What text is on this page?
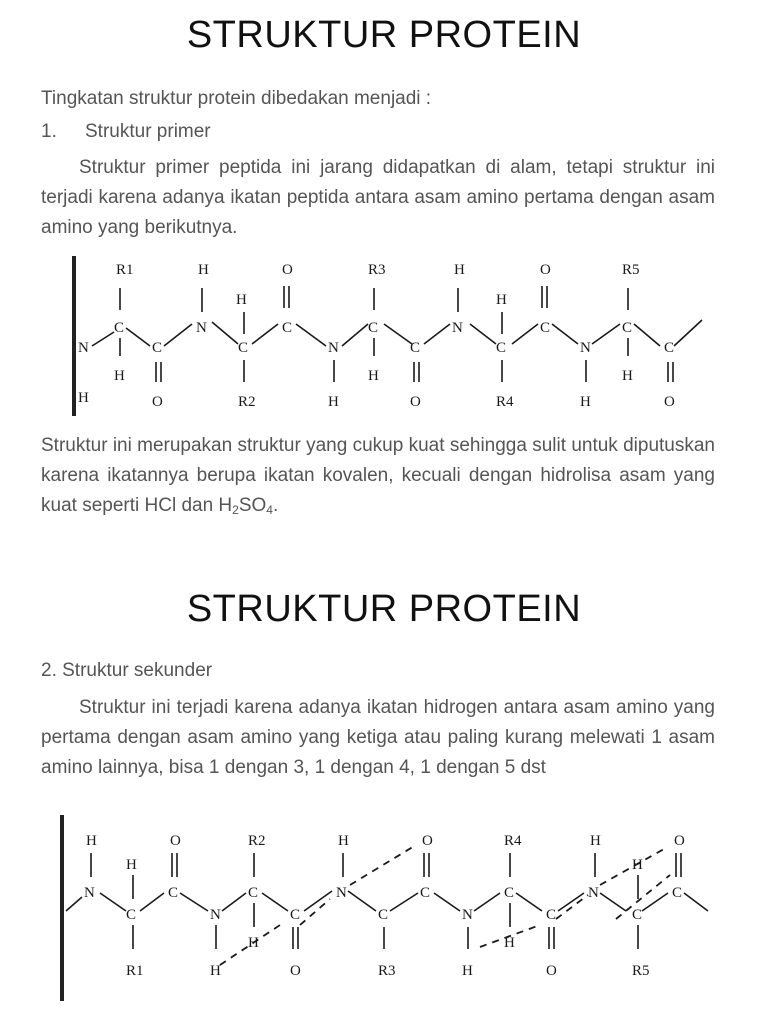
STRUKTUR PROTEIN
Tingkatan struktur protein dibedakan menjadi :
1. Struktur primer
Struktur primer peptida ini jarang didapatkan di alam, tetapi struktur ini terjadi karena adanya ikatan peptida antara asam amino pertama dengan asam amino yang berikutnya.
N
H
R1
C
H
C
O
H
N
H
O
C
C
R2
N
H
R3
C
H
C
O
H
N
H
O
C
C
R4
N
H
R5
C
H
C
O
Struktur ini merupakan struktur yang cukup kuat sehingga sulit untuk diputuskan karena ikatannya berupa ikatan kovalen, kecuali dengan hidrolisa asam yang kuat seperti HCl dan $H_2SO_4$.
STRUKTUR PROTEIN
2. Struktur sekunder
Struktur ini terjadi karena adanya ikatan hidrogen antara asam amino yang pertama dengan asam amino yang ketiga atau paling kurang melewati 1 asam amino lainnya, bisa 1 dengan 3, 1 dengan 4, 1 dengan 5 dst
H
N
H
C
R1
O
C
N
H
R2
C
H
C
O
H
N
O
C
C
R3
N
H
R4
C
H
C
O
H
N
H
C
R5
O
C
